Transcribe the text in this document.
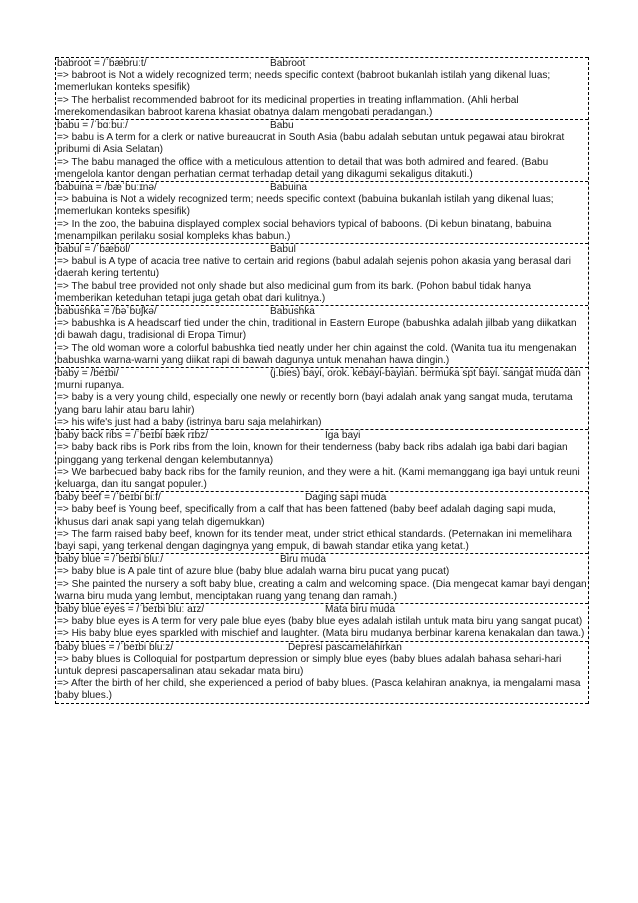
babroot = /ˈbæbruːt/	Babroot
=> babroot is Not a widely recognized term; needs specific context (babroot bukanlah istilah yang dikenal luas; memerlukan konteks spesifik)
=> The herbalist recommended babroot for its medicinal properties in treating inflammation. (Ahli herbal merekomendasikan babroot karena khasiat obatnya dalam mengobati peradangan.)
babu = /ˈbɑːbuː/	Babu
=> babu is A term for a clerk or native bureaucrat in South Asia (babu adalah sebutan untuk pegawai atau birokrat pribumi di Asia Selatan)
=> The babu managed the office with a meticulous attention to detail that was both admired and feared. (Babu mengelola kantor dengan perhatian cermat terhadap detail yang dikagumi sekaligus ditakuti.)
babuina = /bæˈbuːɪnə/	Babuina
=> babuina is Not a widely recognized term; needs specific context (babuina bukanlah istilah yang dikenal luas; memerlukan konteks spesifik)
=> In the zoo, the babuina displayed complex social behaviors typical of baboons. (Di kebun binatang, babuina menampilkan perilaku sosial kompleks khas babun.)
babul = /ˈbæbʊl/	Babul
=> babul is A type of acacia tree native to certain arid regions (babul adalah sejenis pohon akasia yang berasal dari daerah kering tertentu)
=> The babul tree provided not only shade but also medicinal gum from its bark. (Pohon babul tidak hanya memberikan keteduhan tetapi juga getah obat dari kulitnya.)
babushka = /bəˈbʊʃkə/	Babushka
=> babushka is A headscarf tied under the chin, traditional in Eastern Europe (babushka adalah jilbab yang diikatkan di bawah dagu, tradisional di Eropa Timur)
=> The old woman wore a colorful babushka tied neatly under her chin against the cold. (Wanita tua itu mengenakan babushka warna-warni yang diikat rapi di bawah dagunya untuk menahan hawa dingin.)
baby = /beɪbi/	(j.bies) bayi, orok. kebayi-bayian. bermuka spt bayi. sangat muda dan murni rupanya.
=> baby is a very young child, especially one newly or recently born (bayi adalah anak yang sangat muda, terutama yang baru lahir atau baru lahir)
=> his wife's just had a baby (istrinya baru saja melahirkan)
baby back ribs = /ˈbeɪbi bæk rɪbz/	Iga bayi
=> baby back ribs is Pork ribs from the loin, known for their tenderness (baby back ribs adalah iga babi dari bagian pinggang yang terkenal dengan kelembutannya)
=> We barbecued baby back ribs for the family reunion, and they were a hit. (Kami memanggang iga bayi untuk reuni keluarga, dan itu sangat populer.)
baby beef = /ˈbeɪbi biːf/	Daging sapi muda
=> baby beef is Young beef, specifically from a calf that has been fattened (baby beef adalah daging sapi muda, khusus dari anak sapi yang telah digemukkan)
=> The farm raised baby beef, known for its tender meat, under strict ethical standards. (Peternakan ini memelihara bayi sapi, yang terkenal dengan dagingnya yang empuk, di bawah standar etika yang ketat.)
baby blue = /ˈbeɪbi bluː/	Biru muda
=> baby blue is A pale tint of azure blue (baby blue adalah warna biru pucat yang pucat)
=> She painted the nursery a soft baby blue, creating a calm and welcoming space. (Dia mengecat kamar bayi dengan warna biru muda yang lembut, menciptakan ruang yang tenang dan ramah.)
baby blue eyes = /ˈbeɪbi bluː aɪz/	Mata biru muda
=> baby blue eyes is A term for very pale blue eyes (baby blue eyes adalah istilah untuk mata biru yang sangat pucat)
=> His baby blue eyes sparkled with mischief and laughter. (Mata biru mudanya berbinar karena kenakalan dan tawa.)
baby blues = /ˈbeɪbi bluːz/	Depresi pascamelahirkan
=> baby blues is Colloquial for postpartum depression or simply blue eyes (baby blues adalah bahasa sehari-hari untuk depresi pascapersalinan atau sekadar mata biru)
=> After the birth of her child, she experienced a period of baby blues. (Pasca kelahiran anaknya, ia mengalami masa baby blues.)
